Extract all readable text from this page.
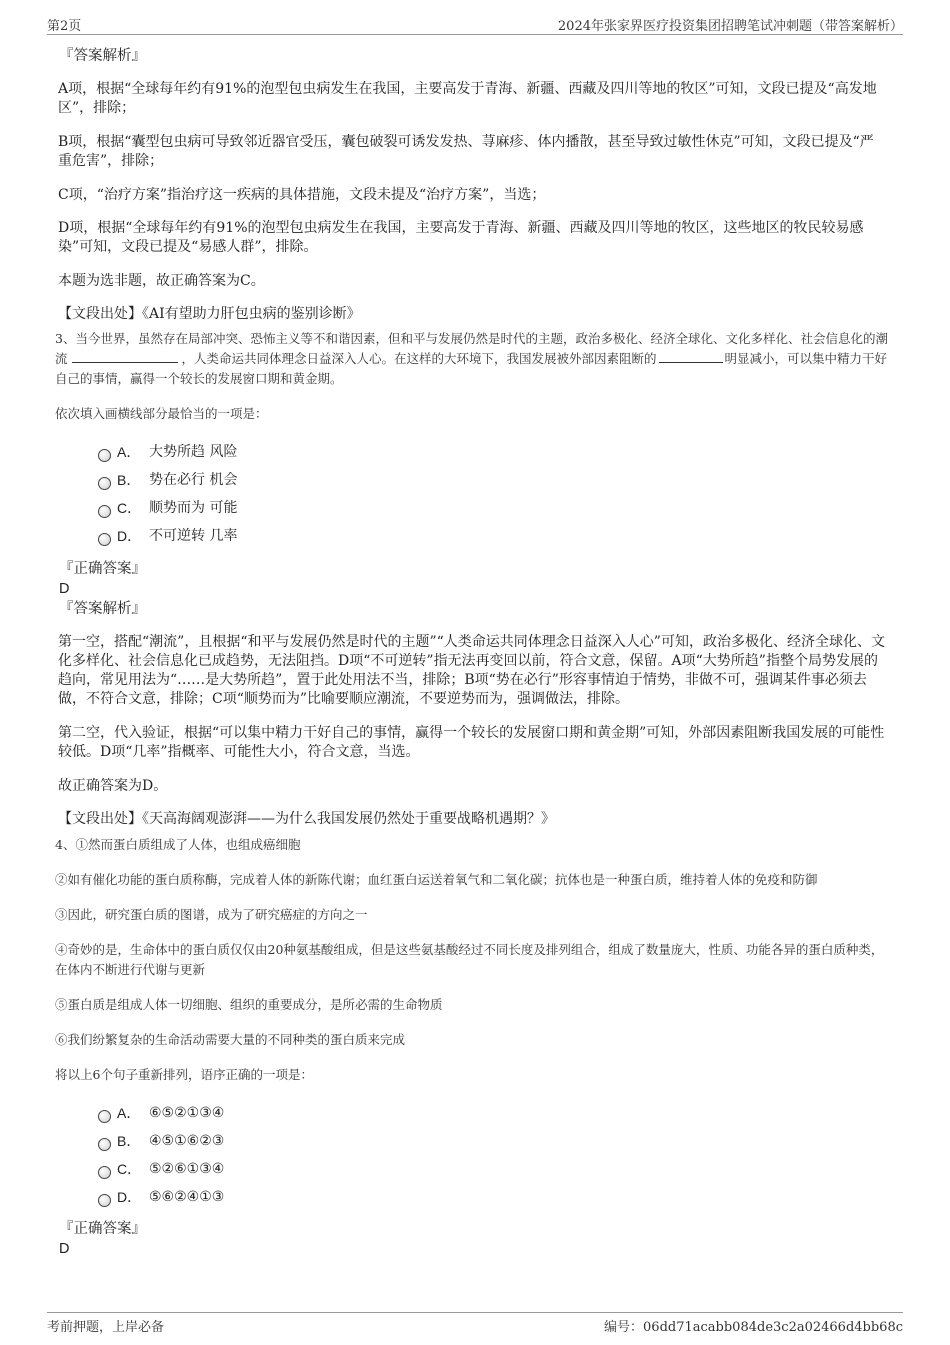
第2页	2024年张家界医疗投资集团招聘笔试冲刺题（带答案解析）
『答案解析』
A项，根据“全球每年约有91%的泡型包虫病发生在我国，主要高发于青海、新疆、西藏及四川等地的牧区”可知，文段已提及“高发地区”，排除；
B项，根据“囊型包虫病可导致邻近器官受压，囊包破裂可诱发发热、荨麻疹、体内播散，甚至导致过敏性休克”可知，文段已提及“严重危害”，排除；
C项，“治疗方案”指治疗这一疾病的具体措施，文段未提及“治疗方案”，当选；
D项，根据“全球每年约有91%的泡型包虫病发生在我国，主要高发于青海、新疆、西藏及四川等地的牧区，这些地区的牧民较易感染”可知，文段已提及“易感人群”，排除。
本题为选非题，故正确答案为C。
【文段出处】《AI有望助力肝包虫病的鉴别诊断》
3、当今世界，虽然存在局部冲突、恐怖主义等不和谐因素，但和平与发展仍然是时代的主题，政治多极化、经济全球化、文化多样化、社会信息化的潮流	，人类命运共同体理念日益深入人心。在这样的大环境下，我国发展被外部因素阻断的	明显减小，可以集中精力干好自己的事情，赢得一个较长的发展窗口期和黄金期。
依次填入画横线部分最恰当的一项是：
A． 大势所趋 风险
B． 势在必行 机会
C． 顺势而为 可能
D． 不可逆转 几率
『正确答案』
D
『答案解析』
第一空，搭配“潮流”，且根据“和平与发展仍然是时代的主题”“人类命运共同体理念日益深入人心”可知，政治多极化、经济全球化、文化多样化、社会信息化已成趋势，无法阻挡。D项“不可逆转”指无法再变回以前，符合文意，保留。A项“大势所趋”指整个局势发展的趋向，常见用法为“……是大势所趋”，置于此处用法不当，排除；B项“势在必行”形容事情迫于情势，非做不可，强调某件事必须去做，不符合文意，排除；C项“顺势而为”比喻要顺应潮流，不要逆势而为，强调做法，排除。
第二空，代入验证，根据“可以集中精力干好自己的事情，赢得一个较长的发展窗口期和黄金期”可知，外部因素阻断我国发展的可能性较低。D项“几率”指概率、可能性大小，符合文意，当选。
故正确答案为D。
【文段出处】《天高海阔观澎湃——为什么我国发展仍然处于重要战略机遇期？》
4、①然而蛋白质组成了人体，也组成癌细胞
②如有催化功能的蛋白质称酶，完成着人体的新陈代谢；血红蛋白运送着氧气和二氧化碳；抗体也是一种蛋白质，维持着人体的免疫和防御
③因此，研究蛋白质的图谱，成为了研究癌症的方向之一
④奇妙的是，生命体中的蛋白质仅仅由20种氨基酸组成，但是这些氨基酸经过不同长度及排列组合，组成了数量庞大，性质、功能各异的蛋白质种类，在体内不断进行代谢与更新
⑤蛋白质是组成人体一切细胞、组织的重要成分，是所必需的生命物质
⑥我们纷繁复杂的生命活动需要大量的不同种类的蛋白质来完成
将以上6个句子重新排列，语序正确的一项是：
A． ⑥⑤②①③④
B． ④⑤①⑥②③
C． ⑤②⑥①③④
D． ⑤⑥②④①③
『正确答案』
D
考前押题，上岸必备	编号：06dd71acabb084de3c2a02466d4bb68c
